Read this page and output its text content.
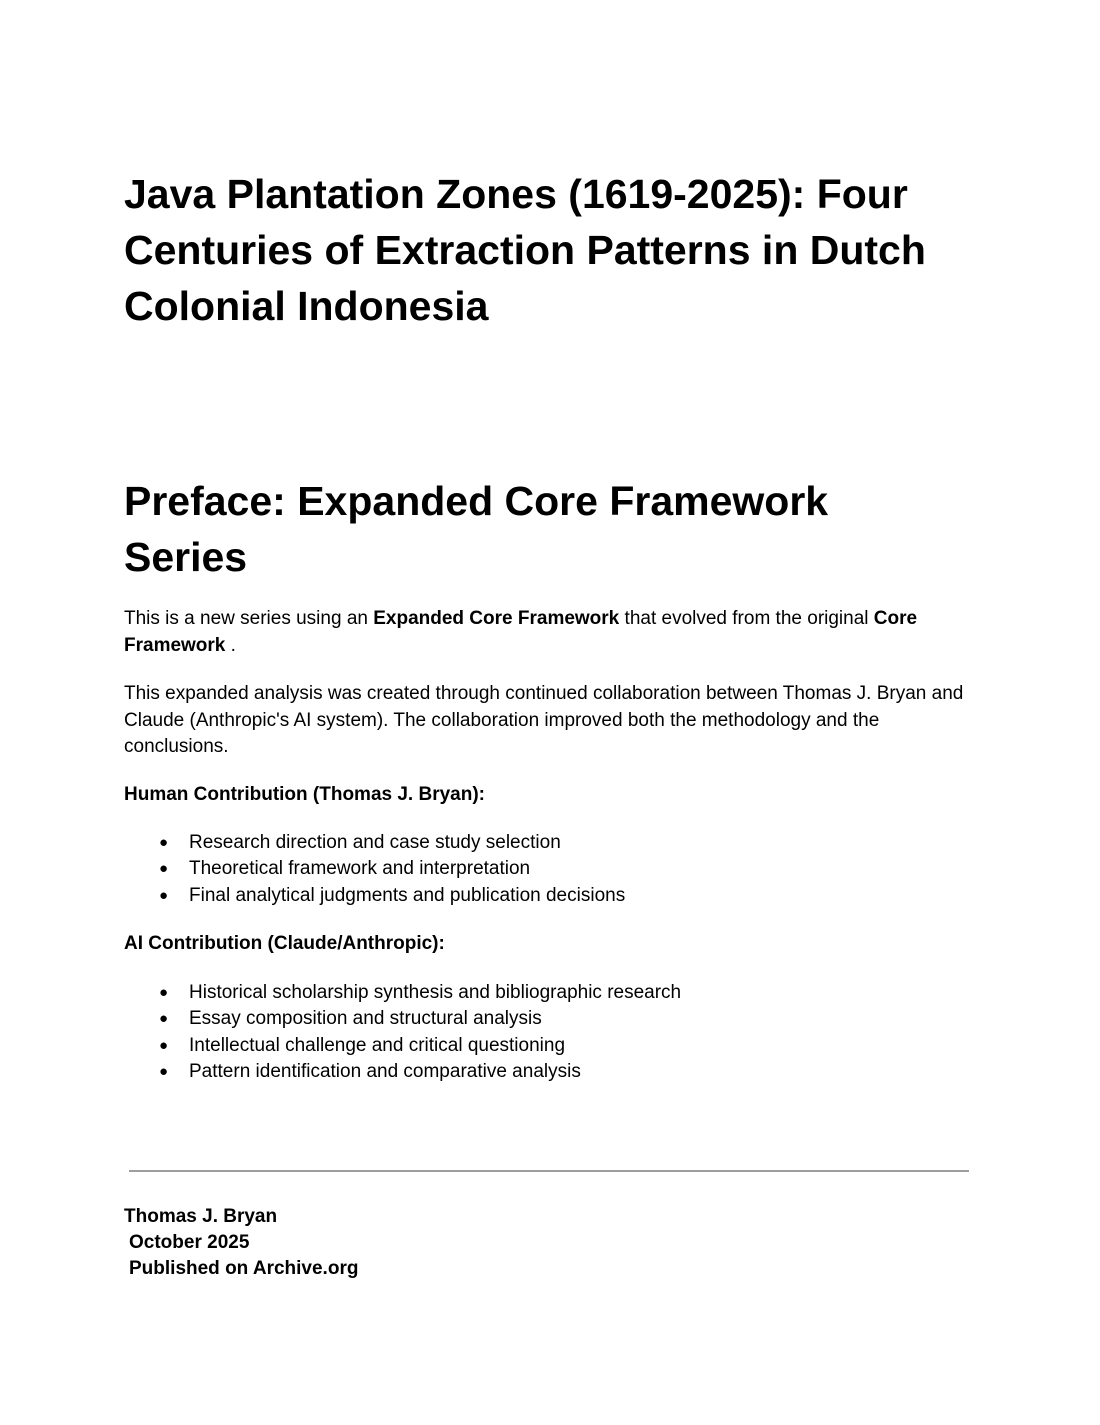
Java Plantation Zones (1619-2025): Four Centuries of Extraction Patterns in Dutch Colonial Indonesia
Preface: Expanded Core Framework Series

This is a new series using an Expanded Core Framework that evolved from the original Core Framework .

This expanded analysis was created through continued collaboration between Thomas J. Bryan and Claude (Anthropic's AI system). The collaboration improved both the methodology and the conclusions.

Human Contribution (Thomas J. Bryan):

● Research direction and case study selection
● Theoretical framework and interpretation
● Final analytical judgments and publication decisions

AI Contribution (Claude/Anthropic):

● Historical scholarship synthesis and bibliographic research
● Essay composition and structural analysis
● Intellectual challenge and critical questioning
● Pattern identification and comparative analysis
Thomas J. Bryan
October 2025
Published on Archive.org
